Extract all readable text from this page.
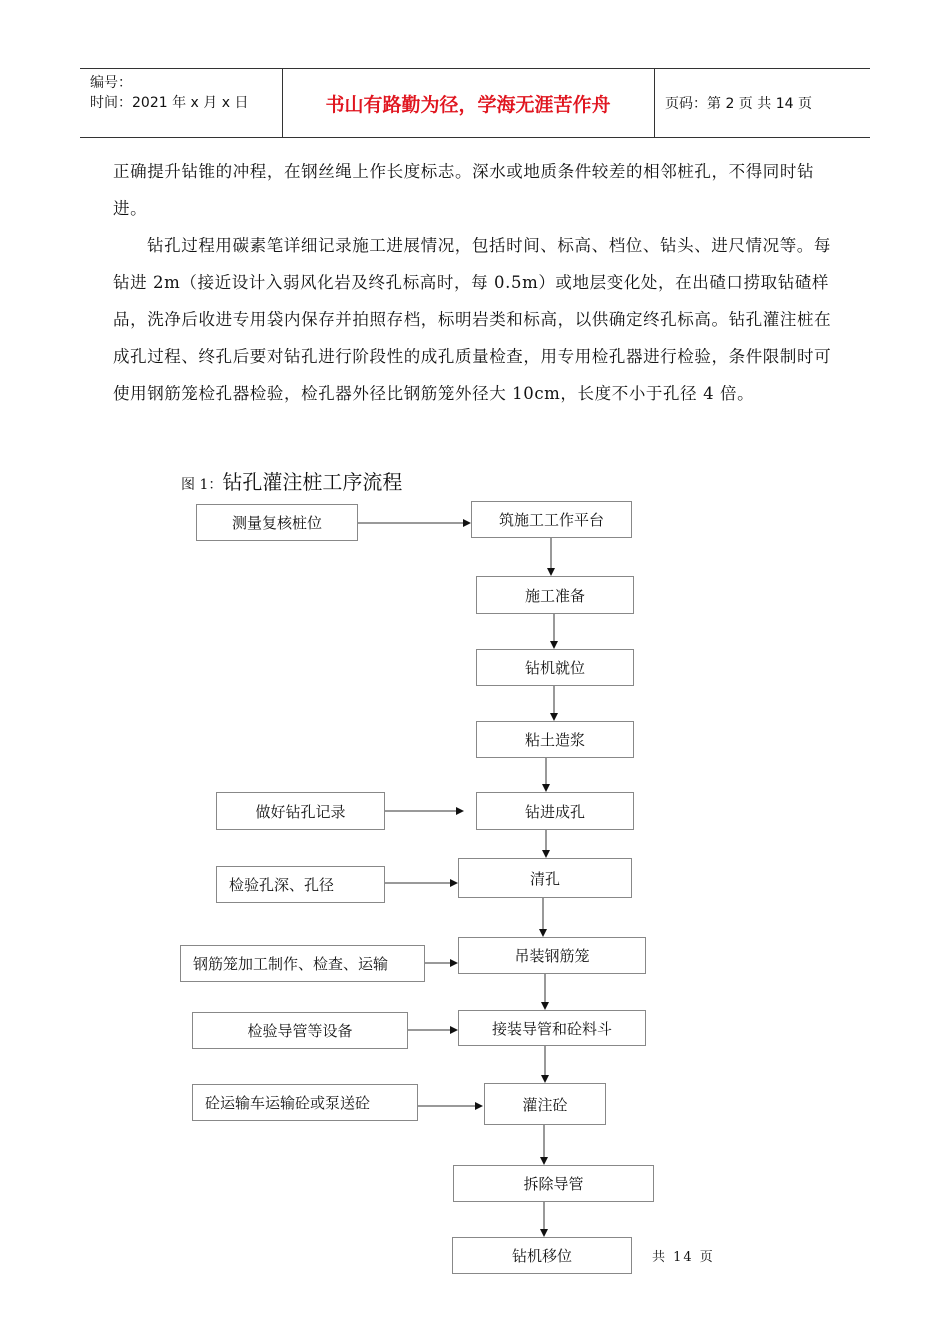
编号：
时间：2021 年 x 月 x 日	书山有路勤为径，学海无涯苦作舟	页码：第 2 页 共 14 页
正确提升钻锥的冲程，在钢丝绳上作长度标志。深水或地质条件较差的相邻桩孔，不得同时钻进。
钻孔过程用碳素笔详细记录施工进展情况，包括时间、标高、档位、钻头、进尺情况等。每钻进 2m（接近设计入弱风化岩及终孔标高时，每 0.5m）或地层变化处，在出碴口捞取钻碴样品，洗净后收进专用袋内保存并拍照存档，标明岩类和标高，以供确定终孔标高。钻孔灌注桩在成孔过程、终孔后要对钻孔进行阶段性的成孔质量检查，用专用检孔器进行检验，条件限制时可使用钢筋笼检孔器检验，检孔器外径比钢筋笼外径大 10cm，长度不小于孔径 4 倍。
图 1：钻孔灌注桩工序流程
筑施工工作平台
施工准备
钻机就位
粘土造浆
钻进成孔
清孔
吊装钢筋笼
接装导管和砼料斗
灌注砼
拆除导管
钻机移位
测量复核桩位
做好钻孔记录
检验孔深、孔径
钢筋笼加工制作、检查、运输
检验导管等设备
砼运输车运输砼或泵送砼
共 14 页
